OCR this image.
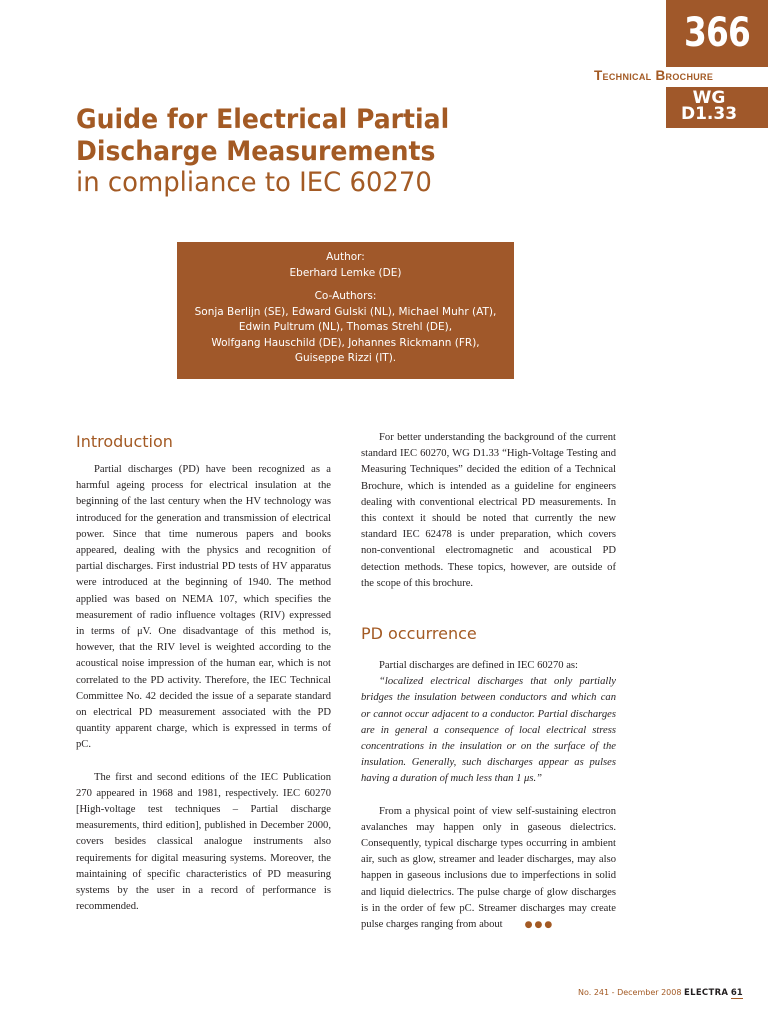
366
WG
D1.33
Technical Brochure
Guide for Electrical Partial
Discharge Measurements
in compliance to IEC 60270
Author:
Eberhard Lemke (DE)
Co-Authors:
Sonja Berlijn (SE), Edward Gulski (NL), Michael Muhr (AT),
Edwin Pultrum (NL), Thomas Strehl (DE),
Wolfgang Hauschild (DE), Johannes Rickmann (FR),
Guiseppe Rizzi (IT).
Introduction

Partial discharges (PD) have been recognized as a harmful ageing process for electrical insulation at the beginning of the last century when the HV technology was introduced for the generation and transmission of electrical power. Since that time numerous papers and books appeared, dealing with the physics and recognition of partial discharges. First industrial PD tests of HV apparatus were introduced at the beginning of 1940. The method applied was based on NEMA 107, which specifies the measurement of radio influence voltages (RIV) expressed in terms of μV. One disadvantage of this method is, however, that the RIV level is weighted according to the acoustical noise impression of the human ear, which is not correlated to the PD activity. Therefore, the IEC Technical Committee No. 42 decided the issue of a separate standard on electrical PD measurement associated with the PD quantity apparent charge, which is expressed in terms of pC.

The first and second editions of the IEC Publication 270 appeared in 1968 and 1981, respectively. IEC 60270 [High-voltage test techniques – Partial discharge measurements, third edition], published in December 2000, covers besides classical analogue instruments also requirements for digital measuring systems. Moreover, the maintaining of specific characteristics of PD measuring systems by the user in a record of performance is recommended.

For better understanding the background of the current standard IEC 60270, WG D1.33 “High-Voltage Testing and Measuring Techniques” decided the edition of a Technical Brochure, which is intended as a guideline for engineers dealing with conventional electrical PD measurements. In this context it should be noted that currently the new standard IEC 62478 is under preparation, which covers non-conventional electromagnetic and acoustical PD detection methods. These topics, however, are outside of the scope of this brochure.

PD occurrence

Partial discharges are defined in IEC 60270 as:

“localized electrical discharges that only partially bridges the insulation between conductors and which can or cannot occur adjacent to a conductor. Partial discharges are in general a consequence of local electrical stress concentrations in the insulation or on the surface of the insulation. Generally, such discharges appear as pulses having a duration of much less than 1 μs.”

From a physical point of view self-sustaining electron avalanches may happen only in gaseous dielectrics. Consequently, typical discharge types occurring in ambient air, such as glow, streamer and leader discharges, may also happen in gaseous inclusions due to imperfections in solid and liquid dielectrics. The pulse charge of glow discharges is in the order of few pC. Streamer discharges may create pulse charges ranging from about ●●●

No. 241 - December 2008 ELECTRA 61
